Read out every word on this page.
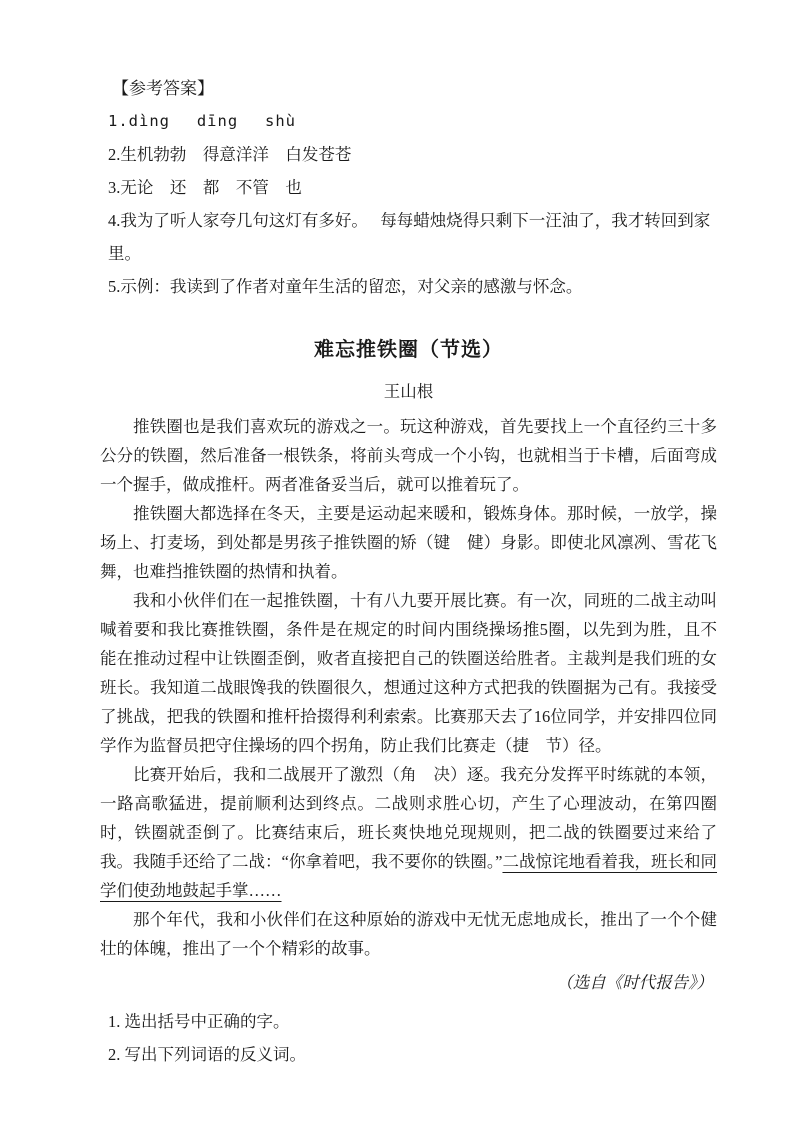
【参考答案】
1.dìng　 dīng　 shù
2.生机勃勃　得意洋洋　白发苍苍
3.无论　还　都　不管　也
4.我为了听人家夸几句这灯有多好。　 每每蜡烛烧得只剩下一汪油了，我才转回到家里。
5.示例：我读到了作者对童年生活的留恋，对父亲的感激与怀念。
难忘推铁圈（节选）
王山根

推铁圈也是我们喜欢玩的游戏之一。玩这种游戏，首先要找上一个直径约三十多公分的铁圈，然后准备一根铁条，将前头弯成一个小钩，也就相当于卡槽，后面弯成一个握手，做成推杆。两者准备妥当后，就可以推着玩了。

推铁圈大都选择在冬天，主要是运动起来暖和，锻炼身体。那时候，一放学，操场上、打麦场，到处都是男孩子推铁圈的矫（键　健）身影。即使北风凛冽、雪花飞舞，也难挡推铁圈的热情和执着。

我和小伙伴们在一起推铁圈，十有八九要开展比赛。有一次，同班的二战主动叫喊着要和我比赛推铁圈，条件是在规定的时间内围绕操场推5圈，以先到为胜，且不能在推动过程中让铁圈歪倒，败者直接把自己的铁圈送给胜者。主裁判是我们班的女班长。我知道二战眼馋我的铁圈很久，想通过这种方式把我的铁圈据为己有。我接受了挑战，把我的铁圈和推杆拾掇得利利索索。比赛那天去了16位同学，并安排四位同学作为监督员把守住操场的四个拐角，防止我们比赛走（捷　节）径。

比赛开始后，我和二战展开了激烈（角　决）逐。我充分发挥平时练就的本领，一路高歌猛进，提前顺利达到终点。二战则求胜心切，产生了心理波动，在第四圈时，铁圈就歪倒了。比赛结束后，班长爽快地兑现规则，把二战的铁圈要过来给了我。我随手还给了二战：“你拿着吧，我不要你的铁圈。”二战惊诧地看着我，班长和同学们使劲地鼓起手掌……

那个年代，我和小伙伴们在这种原始的游戏中无忧无虑地成长，推出了一个个健壮的体魄，推出了一个个精彩的故事。

（选自《时代报告》）
1. 选出括号中正确的字。
2. 写出下列词语的反义词。
